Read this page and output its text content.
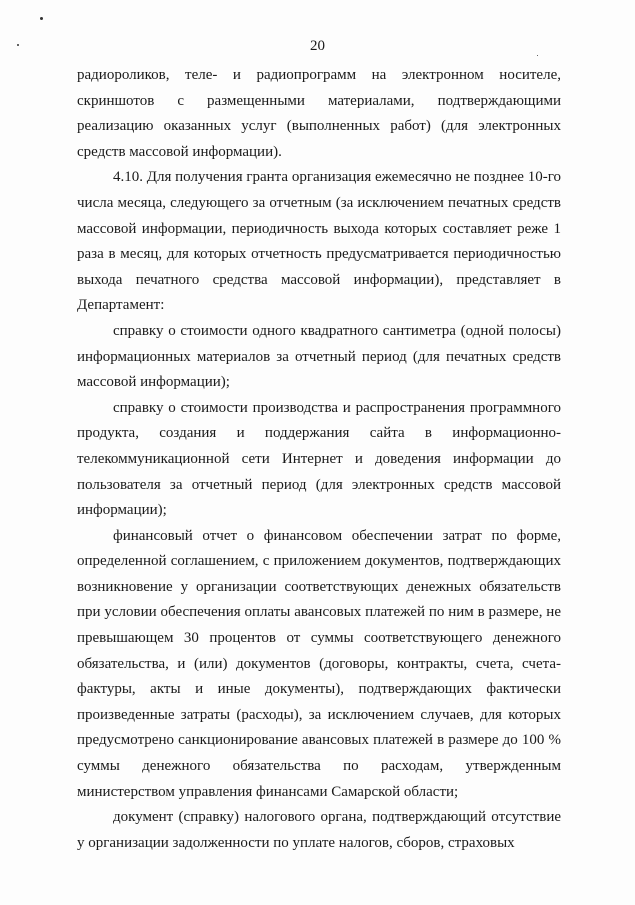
20

радиороликов, теле- и радиопрограмм на электронном носителе, скриншотов с размещенными материалами, подтверждающими реализацию оказанных услуг (выполненных работ) (для электронных средств массовой информации).

4.10. Для получения гранта организация ежемесячно не позднее 10-го числа месяца, следующего за отчетным (за исключением печатных средств массовой информации, периодичность выхода которых составляет реже 1 раза в месяц, для которых отчетность предусматривается периодичностью выхода печатного средства массовой информации), представляет в Департамент:

справку о стоимости одного квадратного сантиметра (одной полосы) информационных материалов за отчетный период (для печатных средств массовой информации);

справку о стоимости производства и распространения программного продукта, создания и поддержания сайта в информационно-телекоммуникационной сети Интернет и доведения информации до пользователя за отчетный период (для электронных средств массовой информации);

финансовый отчет о финансовом обеспечении затрат по форме, определенной соглашением, с приложением документов, подтверждающих возникновение у организации соответствующих денежных обязательств при условии обеспечения оплаты авансовых платежей по ним в размере, не превышающем 30 процентов от суммы соответствующего денежного обязательства, и (или) документов (договоры, контракты, счета, счета-фактуры, акты и иные документы), подтверждающих фактически произведенные затраты (расходы), за исключением случаев, для которых предусмотрено санкционирование авансовых платежей в размере до 100 % суммы денежного обязательства по расходам, утвержденным министерством управления финансами Самарской области;

документ (справку) налогового органа, подтверждающий отсутствие у организации задолженности по уплате налогов, сборов, страховых
